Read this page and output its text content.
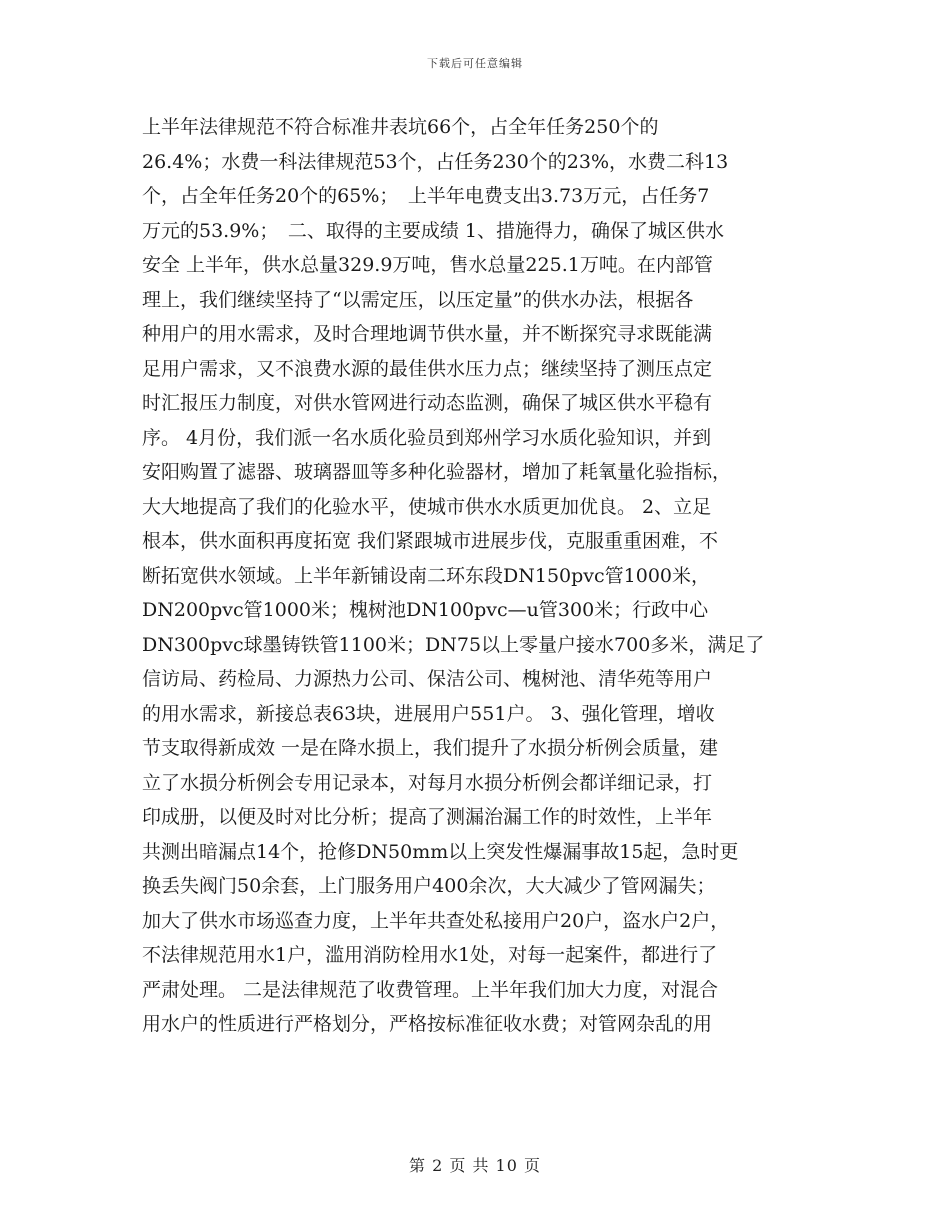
下载后可任意编辑
上半年法律规范不符合标准井表坑66个，占全年任务250个的
26.4%；水费一科法律规范53个，占任务230个的23%，水费二科13
个，占全年任务20个的65%；　上半年电费支出3.73万元，占任务7
万元的53.9%；　二、取得的主要成绩 1、措施得力，确保了城区供水
安全 上半年，供水总量329.9万吨，售水总量225.1万吨。在内部管
理上，我们继续坚持了“以需定压，以压定量”的供水办法，根据各
种用户的用水需求，及时合理地调节供水量，并不断探究寻求既能满
足用户需求，又不浪费水源的最佳供水压力点；继续坚持了测压点定
时汇报压力制度，对供水管网进行动态监测，确保了城区供水平稳有
序。 4月份，我们派一名水质化验员到郑州学习水质化验知识，并到
安阳购置了滤器、玻璃器皿等多种化验器材，增加了耗氧量化验指标，
大大地提高了我们的化验水平，使城市供水水质更加优良。 2、立足
根本，供水面积再度拓宽 我们紧跟城市进展步伐，克服重重困难，不
断拓宽供水领域。上半年新铺设南二环东段DN150pvc管1000米，
DN200pvc管1000米；槐树池DN100pvc—u管300米；行政中心
DN300pvc球墨铸铁管1100米；DN75以上零量户接水700多米，满足了
信访局、药检局、力源热力公司、保洁公司、槐树池、清华苑等用户
的用水需求，新接总表63块，进展用户551户。 3、强化管理，增收
节支取得新成效 一是在降水损上，我们提升了水损分析例会质量，建
立了水损分析例会专用记录本，对每月水损分析例会都详细记录，打
印成册，以便及时对比分析；提高了测漏治漏工作的时效性，上半年
共测出暗漏点14个，抢修DN50mm以上突发性爆漏事故15起，急时更
换丢失阀门50余套，上门服务用户400余次，大大减少了管网漏失；
加大了供水市场巡查力度，上半年共查处私接用户20户，盗水户2户，
不法律规范用水1户，滥用消防栓用水1处，对每一起案件，都进行了
严肃处理。 二是法律规范了收费管理。上半年我们加大力度，对混合
用水户的性质进行严格划分，严格按标准征收水费；对管网杂乱的用
第 2 页 共 10 页
